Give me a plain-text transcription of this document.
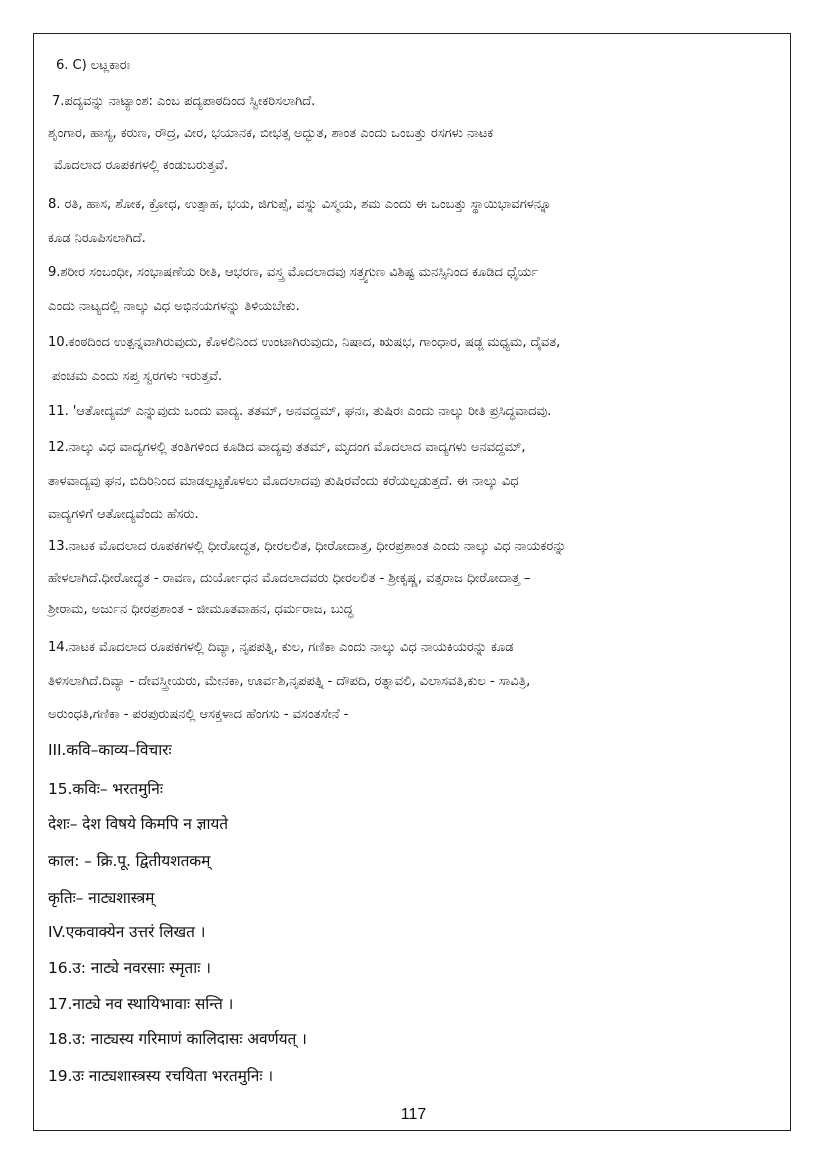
6. C) ಲಟ್ಲಕಾರಃ
7.ಪದ್ಯವನ್ನು ನಾಟ್ಯಾಂಶ: ಎಂಬ ಪದ್ಯಪಾಠದಿಂದ ಸ್ವೀಕರಿಸಲಾಗಿದೆ.
ಶೃಂಗಾರ, ಹಾಸ್ಯ, ಕರುಣ, ರೌದ್ರ, ವೀರ, ಭಯಾನಕ, ಬೀಭತ್ಸ ಅದ್ಭುತ, ಶಾಂತ ಎಂದು ಒಂಬತ್ತು ರಸಗಳು ನಾಟಕ
ಮೊದಲಾದ ರೂಪಕಗಳಲ್ಲಿ ಕಂಡುಬರುತ್ತವೆ.
8. ರತಿ, ಹಾಸ, ಶೋಕ, ಕ್ರೋಧ, ಉತ್ಸಾಹ, ಭಯ, ಜಿಗುಪ್ಸೆ, ವಸ್ನು ವಿಸ್ಮಯ, ಶಮ ಎಂದು ಈ ಒಂಬತ್ತು ಸ್ಥಾಯಿಭಾವಗಳನ್ನೂ
ಕೂಡ ನಿರೂಪಿಸಲಾಗಿದೆ.
9.ಶರೀರ ಸಂಬಂಧೀ, ಸಂಭಾಷಣೆಯ ರೀತಿ, ಆಭರಣ, ವಸ್ತ್ರ ಮೊದಲಾದವು ಸತ್ತ್ವಗುಣ ವಿಶಿಷ್ಟ ಮನಸ್ಸಿನಿಂದ ಕೂಡಿದ ಧೈರ್ಯ
ಎಂದು ನಾಟ್ಯದಲ್ಲಿ ನಾಲ್ಕು ವಿಧ ಅಭಿನಯಗಳನ್ನು ತಿಳಿಯಬೇಕು.
10.ಕಂಠದಿಂದ ಉತ್ಪನ್ನವಾಗಿರುವುದು, ಕೊಳಲಿನಿಂದ ಉಂಟಾಗಿರುವುದು, ನಿಷಾದ, ಋಷಭ, ಗಾಂಧಾರ, ಷಡ್ಜ ಮಧ್ಯಮ, ದೈವತ,
ಪಂಚಮ ಎಂದು ಸಪ್ತ ಸ್ವರಗಳು ಇರುತ್ತವೆ.
11. 'ಆತೋದ್ಯಮ್ ಎನ್ನುವುದು ಒಂದು ವಾದ್ಯ. ತತಮ್, ಅನವದ್ದಮ್, ಘನಃ, ತುಷಿರಃ ಎಂದು ನಾಲ್ಕು ರೀತಿ ಪ್ರಸಿದ್ಧವಾದವು.
12.ನಾಲ್ಕು ವಿಧ ವಾದ್ಯಗಳಲ್ಲಿ ತಂತಿಗಳಿಂದ ಕೂಡಿದ ವಾದ್ಯವು ತತಮ್, ಮೃದಂಗ ಮೊದಲಾದ ವಾದ್ಯಗಳು ಅನವದ್ದಮ್,
ತಾಳವಾದ್ಯವು ಘನ, ಬಿದಿರಿನಿಂದ ಮಾಡಲ್ಪಟ್ಟಕೊಳಲು ಮೊದಲಾದವು ತುಷಿರವೆಂದು ಕರೆಯಲ್ಪಡುತ್ತದೆ. ಈ ನಾಲ್ಕು ವಿಧ
ವಾದ್ಯಗಳಿಗೆ ಆತೋದ್ಯವೆಂದು ಹೆಸರು.
13.ನಾಟಕ ಮೊದಲಾದ ರೂಪಕಗಳಲ್ಲಿ ಧೀರೋದ್ಧತ, ಧೀರಲಲಿತ, ಧೀರೋದಾತ್ತ, ಧೀರಪ್ರಶಾಂತ ಎಂದು ನಾಲ್ಕು ವಿಧ ನಾಯಕರನ್ನು
ಹೇಳಲಾಗಿದೆ.ಧೀರೋದ್ಧತ - ರಾವಣ, ದುರ್ಯೋಧನ ಮೊದಲಾದವರು ಧೀರಲಲಿತ - ಶ್ರೀಕೃಷ್ಣ, ವತ್ಸರಾಜ ಧೀರೋದಾತ್ತ –
ಶ್ರೀರಾಮ, ಅರ್ಜುನ ಧೀರಪ್ರಶಾಂತ - ಜೀಮೂತವಾಹನ, ಧರ್ಮರಾಜ, ಬುದ್ಧ
14.ನಾಟಕ ಮೊದಲಾದ ರೂಪಕಗಳಲ್ಲಿ ದಿವ್ಯಾ, ನೃಪಪತ್ನಿ, ಕುಲ, ಗಣಿಕಾ ಎಂದು ನಾಲ್ಕು ವಿಧ ನಾಯಕಿಯರನ್ನು ಕೂಡ
ತಿಳಿಸಲಾಗಿದೆ.ದಿವ್ಯಾ - ದೇವಸ್ತ್ರೀಯರು, ಮೇನಕಾ, ಊರ್ವಶಿ,ನೃಪಪತ್ನಿ - ದೌಪದಿ, ರತ್ನಾವಲಿ, ವಿಲಾಸವತಿ,ಕುಲ - ಸಾವಿತ್ರಿ,
ಅರುಂಧತಿ,ಗಣಿಕಾ - ಪರಪುರುಷನಲ್ಲಿ ಆಸಕ್ತಳಾದ ಹೆಂಗಸು - ವಸಂತಸೇನೆ -
III.कवि–काव्य–विचारः
15.कविः– भरतमुनिः
देशः– देश विषये किमपि न ज्ञायते
काल: – क्रि.पू. द्वितीयशतकम्
कृतिः– नाट्यशास्त्रम्
IV.एकवाक्येन उत्तरं लिखत ।
16.उ: नाट्ये नवरसाः स्मृताः ।
17.नाट्ये नव स्थायिभावाः सन्ति ।
18.उ: नाट्यस्य गरिमाणं कालिदासः अवर्णयत् ।
19.उः नाट्यशास्त्रस्य रचयिता भरतमुनिः ।
117
